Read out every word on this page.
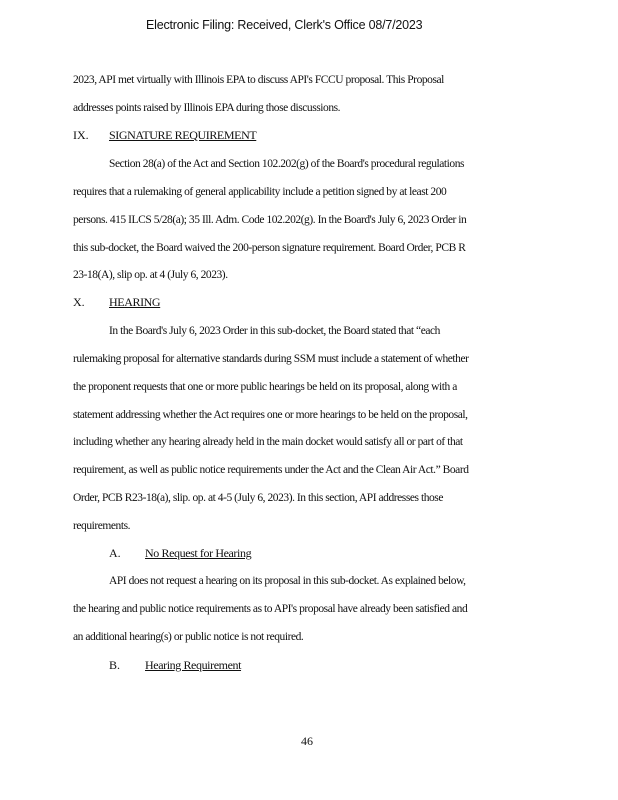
Electronic Filing: Received, Clerk's Office 08/7/2023
2023, API met virtually with Illinois EPA to discuss API's FCCU proposal. This Proposal
addresses points raised by Illinois EPA during those discussions.
IX. SIGNATURE REQUIREMENT
Section 28(a) of the Act and Section 102.202(g) of the Board's procedural regulations
requires that a rulemaking of general applicability include a petition signed by at least 200
persons. 415 ILCS 5/28(a); 35 Ill. Adm. Code 102.202(g). In the Board's July 6, 2023 Order in
this sub-docket, the Board waived the 200-person signature requirement. Board Order, PCB R
23-18(A), slip op. at 4 (July 6, 2023).
X. HEARING
In the Board's July 6, 2023 Order in this sub-docket, the Board stated that “each
rulemaking proposal for alternative standards during SSM must include a statement of whether
the proponent requests that one or more public hearings be held on its proposal, along with a
statement addressing whether the Act requires one or more hearings to be held on the proposal,
including whether any hearing already held in the main docket would satisfy all or part of that
requirement, as well as public notice requirements under the Act and the Clean Air Act.” Board
Order, PCB R23-18(a), slip. op. at 4-5 (July 6, 2023). In this section, API addresses those
requirements.
A. No Request for Hearing
API does not request a hearing on its proposal in this sub-docket. As explained below,
the hearing and public notice requirements as to API's proposal have already been satisfied and
an additional hearing(s) or public notice is not required.
B. Hearing Requirement
46
